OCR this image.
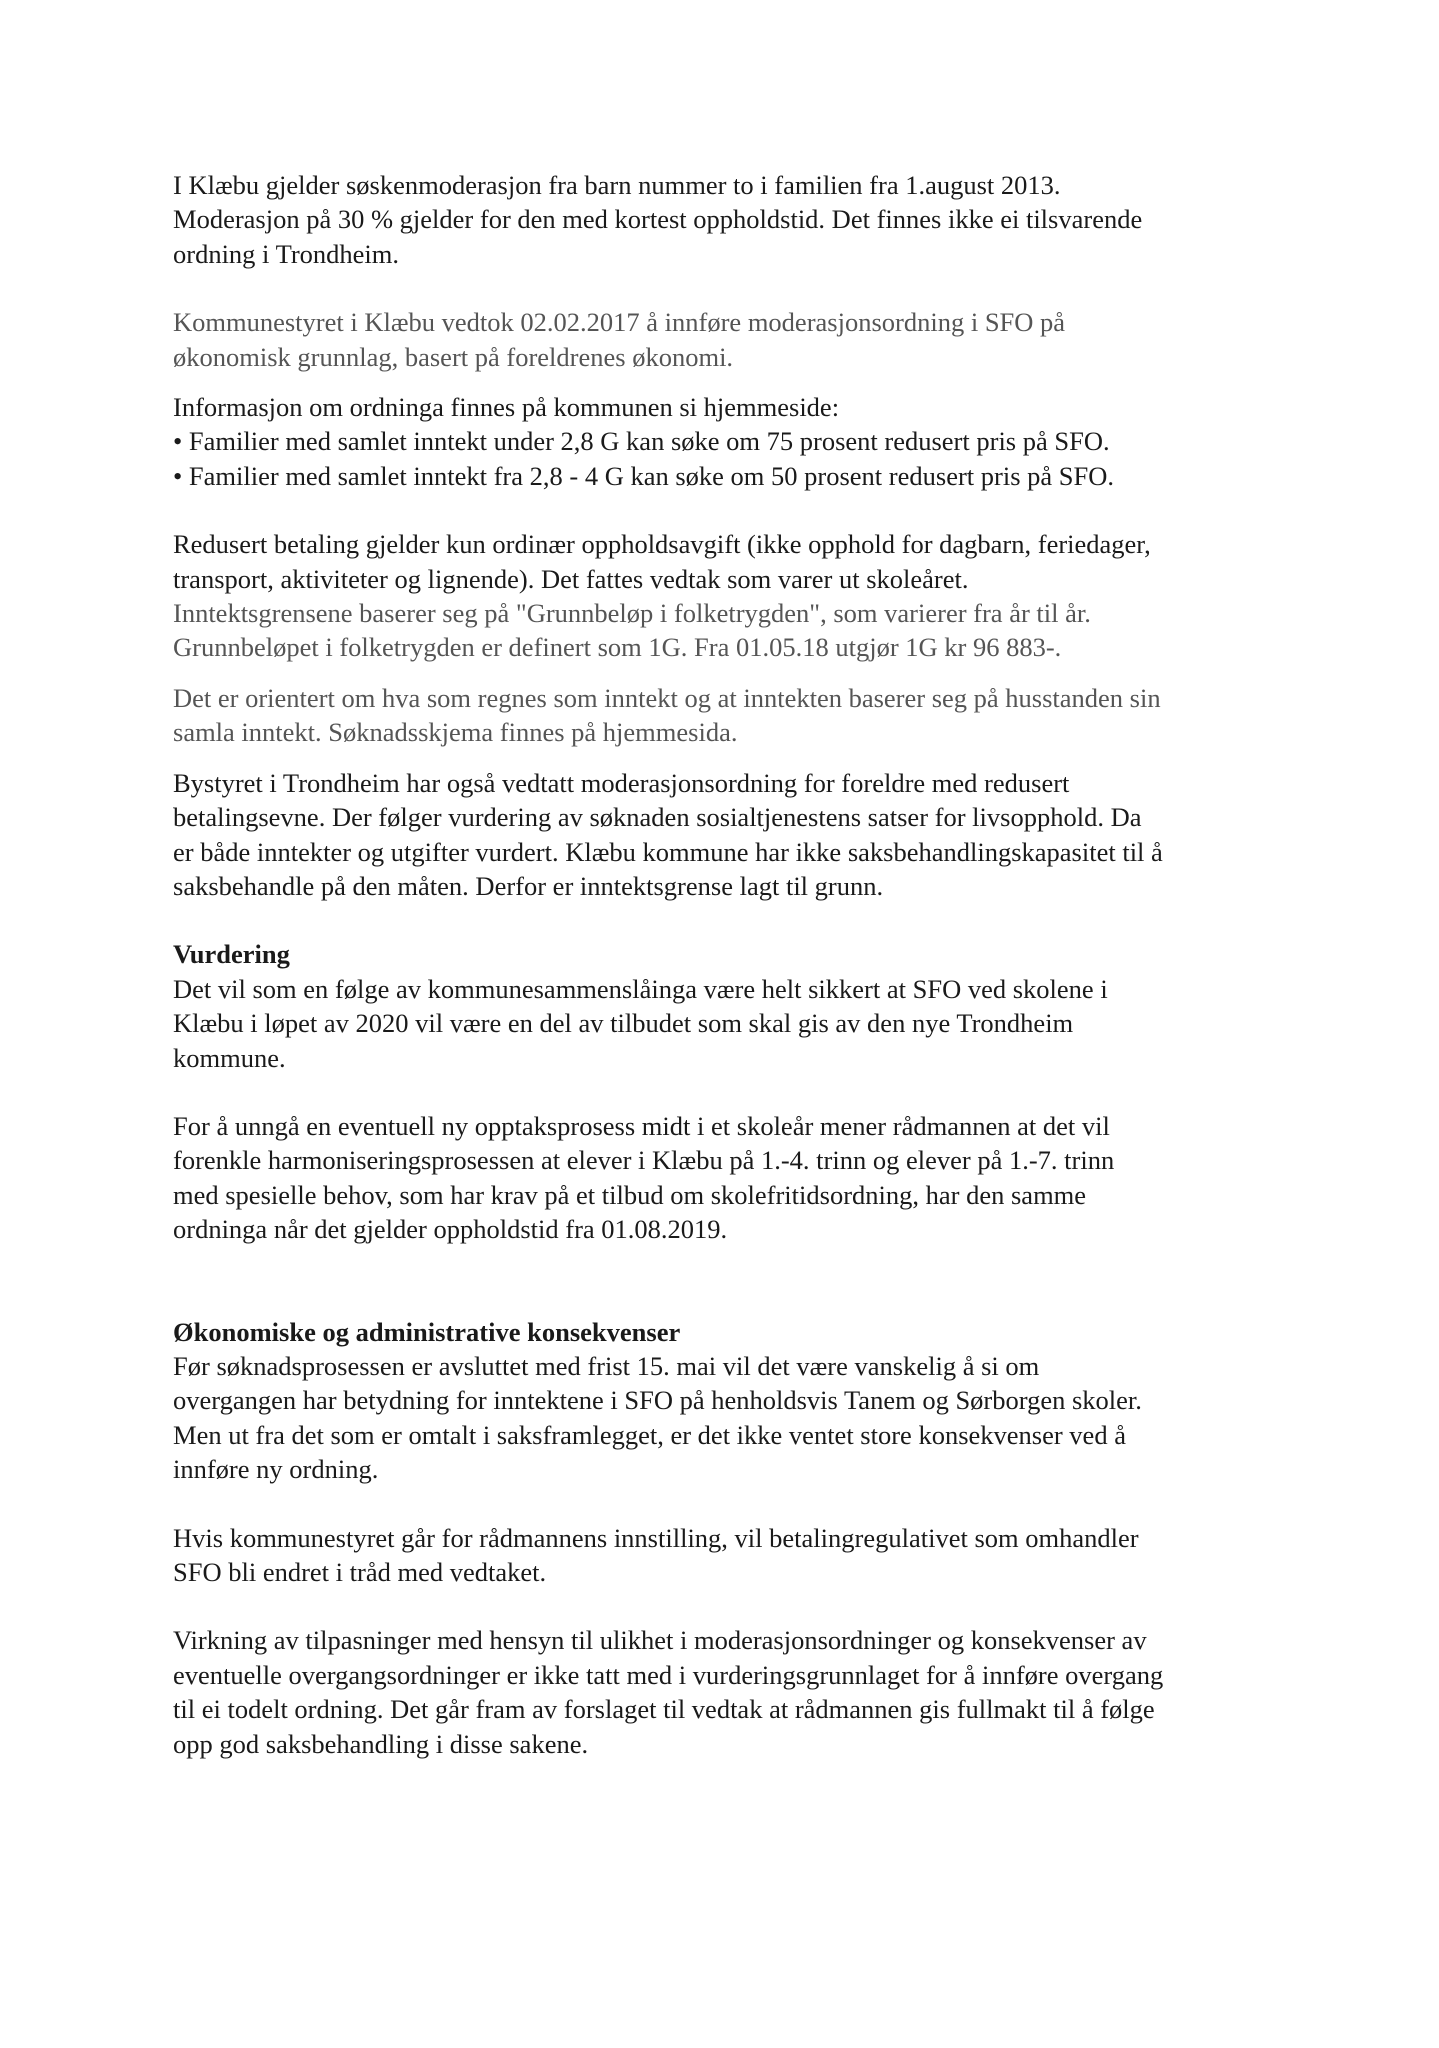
I Klæbu gjelder søskenmoderasjon fra barn nummer to i familien fra 1.august 2013.
Moderasjon på 30 % gjelder for den med kortest oppholdstid. Det finnes ikke ei tilsvarende
ordning i Trondheim.
Kommunestyret i Klæbu vedtok 02.02.2017 å innføre moderasjonsordning i SFO på
økonomisk grunnlag, basert på foreldrenes økonomi.
Informasjon om ordninga finnes på kommunen si hjemmeside:
• Familier med samlet inntekt under 2,8 G kan søke om 75 prosent redusert pris på SFO.
• Familier med samlet inntekt fra 2,8 - 4 G kan søke om 50 prosent redusert pris på SFO.
Redusert betaling gjelder kun ordinær oppholdsavgift (ikke opphold for dagbarn, feriedager,
transport, aktiviteter og lignende). Det fattes vedtak som varer ut skoleåret.
Inntektsgrensene baserer seg på "Grunnbeløp i folketrygden", som varierer fra år til år.
Grunnbeløpet i folketrygden er definert som 1G. Fra 01.05.18 utgjør 1G kr 96 883-.
Det er orientert om hva som regnes som inntekt og at inntekten baserer seg på husstanden sin
samla inntekt. Søknadsskjema finnes på hjemmesida.
Bystyret i Trondheim har også vedtatt moderasjonsordning for foreldre med redusert
betalingsevne. Der følger vurdering av søknaden sosialtjenestens satser for livsopphold. Da
er både inntekter og utgifter vurdert. Klæbu kommune har ikke saksbehandlingskapasitet til å
saksbehandle på den måten. Derfor er inntektsgrense lagt til grunn.
Vurdering
Det vil som en følge av kommunesammenslåinga være helt sikkert at SFO ved skolene i
Klæbu i løpet av 2020 vil være en del av tilbudet som skal gis av den nye Trondheim
kommune.
For å unngå en eventuell ny opptaksprosess midt i et skoleår mener rådmannen at det vil
forenkle harmoniseringsprosessen at elever i Klæbu på 1.-4. trinn og elever på 1.-7. trinn
med spesielle behov, som har krav på et tilbud om skolefritidsordning, har den samme
ordninga når det gjelder oppholdstid fra 01.08.2019.
Økonomiske og administrative konsekvenser
Før søknadsprosessen er avsluttet med frist 15. mai vil det være vanskelig å si om
overgangen har betydning for inntektene i SFO på henholdsvis Tanem og Sørborgen skoler.
Men ut fra det som er omtalt i saksframlegget, er det ikke ventet store konsekvenser ved å
innføre ny ordning.
Hvis kommunestyret går for rådmannens innstilling, vil betalingregulativet som omhandler
SFO bli endret i tråd med vedtaket.
Virkning av tilpasninger med hensyn til ulikhet i moderasjonsordninger og konsekvenser av
eventuelle overgangsordninger er ikke tatt med i vurderingsgrunnlaget for å innføre overgang
til ei todelt ordning. Det går fram av forslaget til vedtak at rådmannen gis fullmakt til å følge
opp god saksbehandling i disse sakene.
